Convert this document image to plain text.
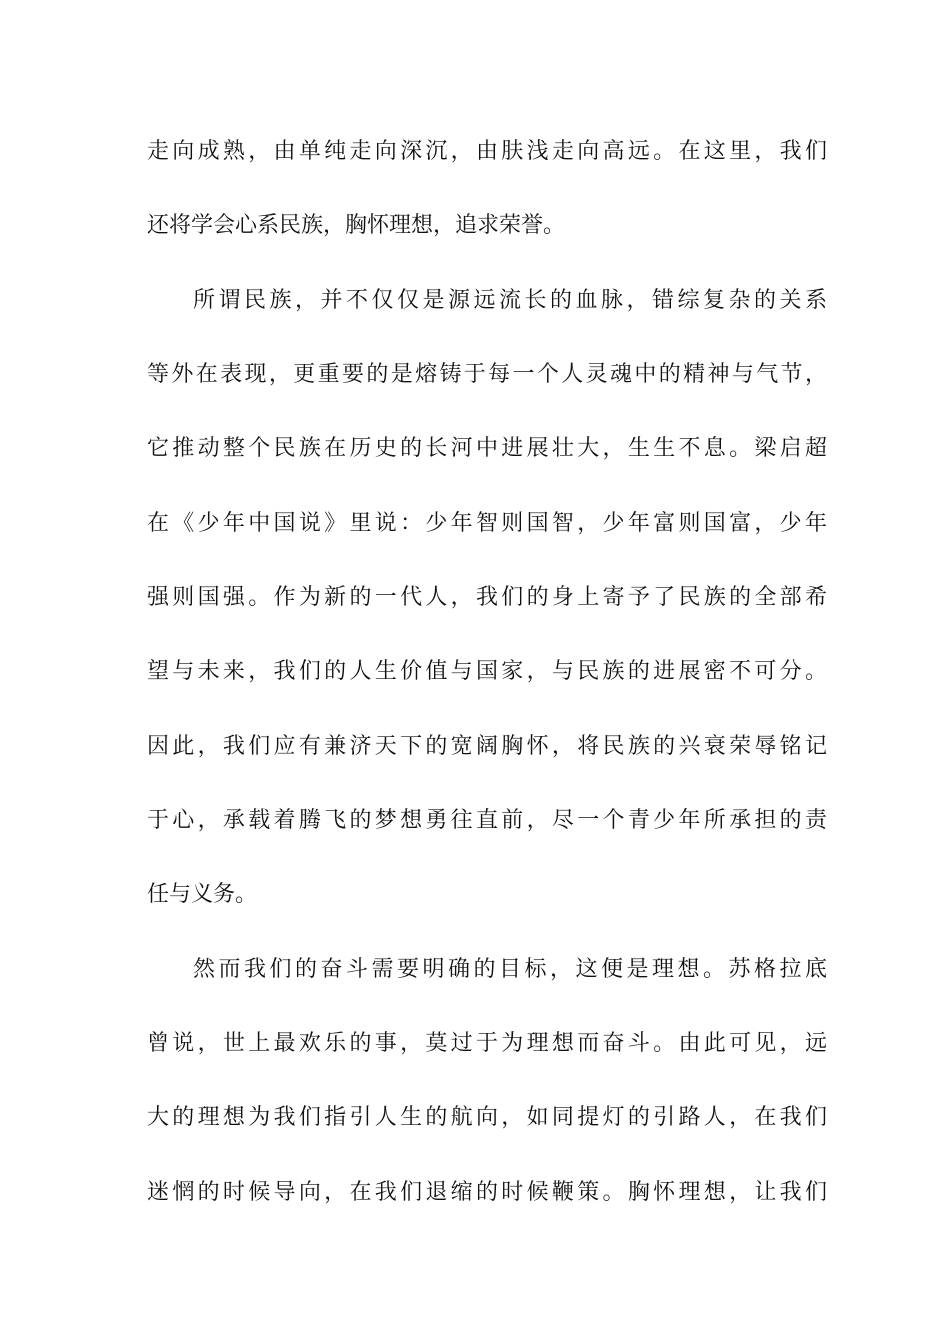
走向成熟，由单纯走向深沉，由肤浅走向高远。在这里，我们
还将学会心系民族，胸怀理想，追求荣誉。
所谓民族，并不仅仅是源远流长的血脉，错综复杂的关系
等外在表现，更重要的是熔铸于每一个人灵魂中的精神与气节，
它推动整个民族在历史的长河中进展壮大，生生不息。梁启超
在《少年中国说》里说：少年智则国智，少年富则国富，少年
强则国强。作为新的一代人，我们的身上寄予了民族的全部希
望与未来，我们的人生价值与国家，与民族的进展密不可分。
因此，我们应有兼济天下的宽阔胸怀，将民族的兴衰荣辱铭记
于心，承载着腾飞的梦想勇往直前，尽一个青少年所承担的责
任与义务。
然而我们的奋斗需要明确的目标，这便是理想。苏格拉底
曾说，世上最欢乐的事，莫过于为理想而奋斗。由此可见，远
大的理想为我们指引人生的航向，如同提灯的引路人，在我们
迷惘的时候导向，在我们退缩的时候鞭策。胸怀理想，让我们
